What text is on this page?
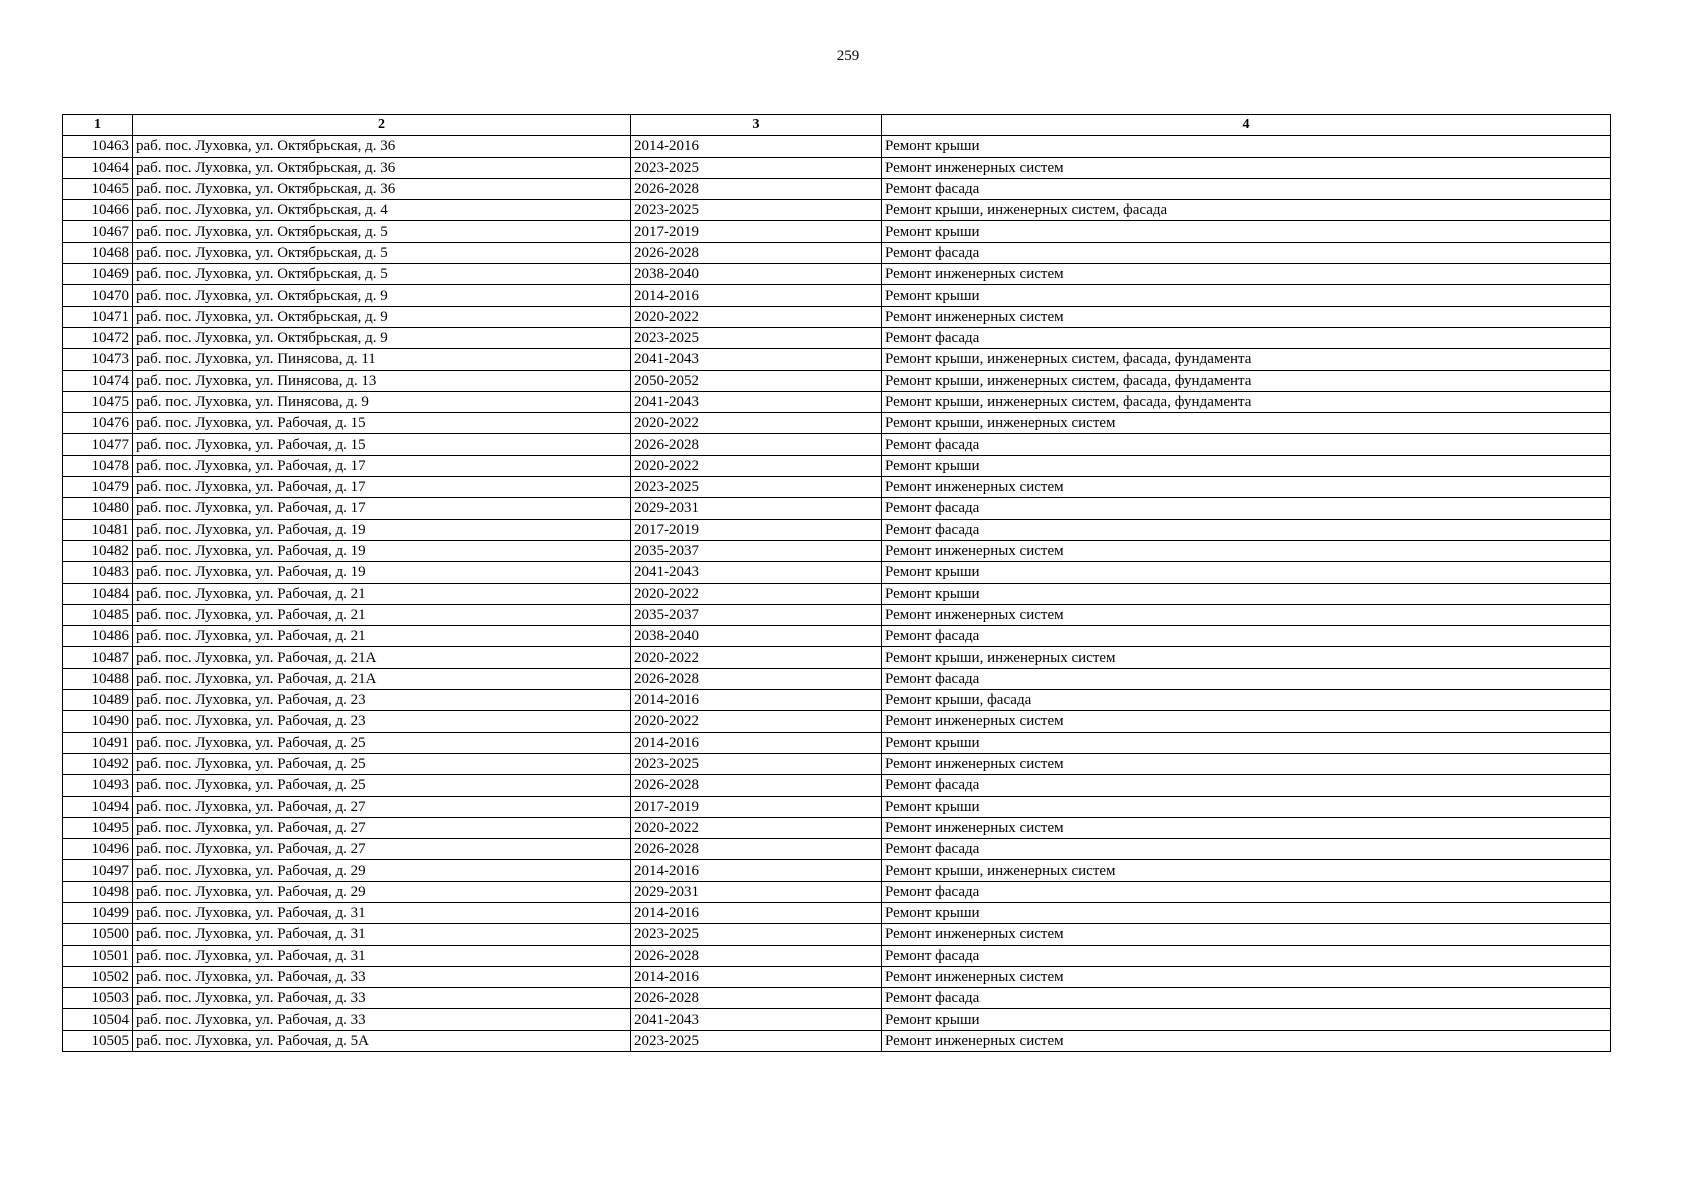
259
1	2	3	4
10463	раб. пос. Луховка, ул. Октябрьская, д. 36	2014-2016	Ремонт крыши
10464	раб. пос. Луховка, ул. Октябрьская, д. 36	2023-2025	Ремонт инженерных систем
10465	раб. пос. Луховка, ул. Октябрьская, д. 36	2026-2028	Ремонт фасада
10466	раб. пос. Луховка, ул. Октябрьская, д. 4	2023-2025	Ремонт крыши, инженерных систем, фасада
10467	раб. пос. Луховка, ул. Октябрьская, д. 5	2017-2019	Ремонт крыши
10468	раб. пос. Луховка, ул. Октябрьская, д. 5	2026-2028	Ремонт фасада
10469	раб. пос. Луховка, ул. Октябрьская, д. 5	2038-2040	Ремонт инженерных систем
10470	раб. пос. Луховка, ул. Октябрьская, д. 9	2014-2016	Ремонт крыши
10471	раб. пос. Луховка, ул. Октябрьская, д. 9	2020-2022	Ремонт инженерных систем
10472	раб. пос. Луховка, ул. Октябрьская, д. 9	2023-2025	Ремонт фасада
10473	раб. пос. Луховка, ул. Пинясова, д. 11	2041-2043	Ремонт крыши, инженерных систем, фасада, фундамента
10474	раб. пос. Луховка, ул. Пинясова, д. 13	2050-2052	Ремонт крыши, инженерных систем, фасада, фундамента
10475	раб. пос. Луховка, ул. Пинясова, д. 9	2041-2043	Ремонт крыши, инженерных систем, фасада, фундамента
10476	раб. пос. Луховка, ул. Рабочая, д. 15	2020-2022	Ремонт крыши, инженерных систем
10477	раб. пос. Луховка, ул. Рабочая, д. 15	2026-2028	Ремонт фасада
10478	раб. пос. Луховка, ул. Рабочая, д. 17	2020-2022	Ремонт крыши
10479	раб. пос. Луховка, ул. Рабочая, д. 17	2023-2025	Ремонт инженерных систем
10480	раб. пос. Луховка, ул. Рабочая, д. 17	2029-2031	Ремонт фасада
10481	раб. пос. Луховка, ул. Рабочая, д. 19	2017-2019	Ремонт фасада
10482	раб. пос. Луховка, ул. Рабочая, д. 19	2035-2037	Ремонт инженерных систем
10483	раб. пос. Луховка, ул. Рабочая, д. 19	2041-2043	Ремонт крыши
10484	раб. пос. Луховка, ул. Рабочая, д. 21	2020-2022	Ремонт крыши
10485	раб. пос. Луховка, ул. Рабочая, д. 21	2035-2037	Ремонт инженерных систем
10486	раб. пос. Луховка, ул. Рабочая, д. 21	2038-2040	Ремонт фасада
10487	раб. пос. Луховка, ул. Рабочая, д. 21А	2020-2022	Ремонт крыши, инженерных систем
10488	раб. пос. Луховка, ул. Рабочая, д. 21А	2026-2028	Ремонт фасада
10489	раб. пос. Луховка, ул. Рабочая, д. 23	2014-2016	Ремонт крыши, фасада
10490	раб. пос. Луховка, ул. Рабочая, д. 23	2020-2022	Ремонт инженерных систем
10491	раб. пос. Луховка, ул. Рабочая, д. 25	2014-2016	Ремонт крыши
10492	раб. пос. Луховка, ул. Рабочая, д. 25	2023-2025	Ремонт инженерных систем
10493	раб. пос. Луховка, ул. Рабочая, д. 25	2026-2028	Ремонт фасада
10494	раб. пос. Луховка, ул. Рабочая, д. 27	2017-2019	Ремонт крыши
10495	раб. пос. Луховка, ул. Рабочая, д. 27	2020-2022	Ремонт инженерных систем
10496	раб. пос. Луховка, ул. Рабочая, д. 27	2026-2028	Ремонт фасада
10497	раб. пос. Луховка, ул. Рабочая, д. 29	2014-2016	Ремонт крыши, инженерных систем
10498	раб. пос. Луховка, ул. Рабочая, д. 29	2029-2031	Ремонт фасада
10499	раб. пос. Луховка, ул. Рабочая, д. 31	2014-2016	Ремонт крыши
10500	раб. пос. Луховка, ул. Рабочая, д. 31	2023-2025	Ремонт инженерных систем
10501	раб. пос. Луховка, ул. Рабочая, д. 31	2026-2028	Ремонт фасада
10502	раб. пос. Луховка, ул. Рабочая, д. 33	2014-2016	Ремонт инженерных систем
10503	раб. пос. Луховка, ул. Рабочая, д. 33	2026-2028	Ремонт фасада
10504	раб. пос. Луховка, ул. Рабочая, д. 33	2041-2043	Ремонт крыши
10505	раб. пос. Луховка, ул. Рабочая, д. 5А	2023-2025	Ремонт инженерных систем
